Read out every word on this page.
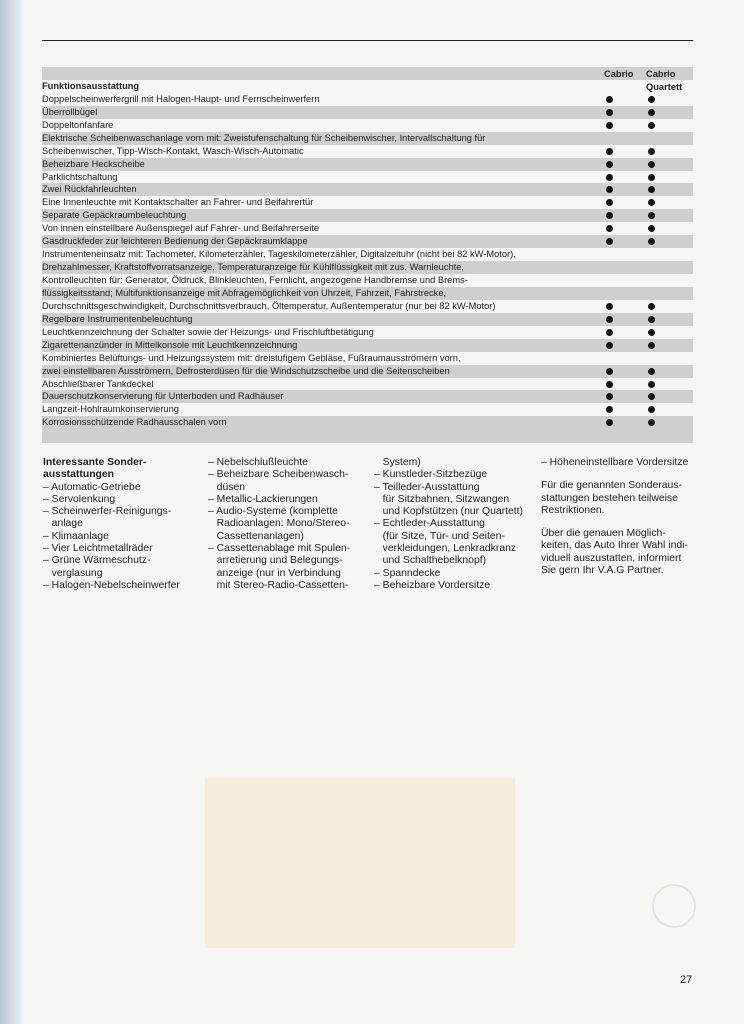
Funktionsausstattung
Cabrio	Cabrio Quartett
Doppelscheinwerfergrill mit Halogen-Haupt- und Fernscheinwerfern
Überrollbügel
Doppeltonfanfare
Elektrische Scheibenwaschanlage vorn mit: Zweistufenschaltung für Scheibenwischer, Intervallschaltung für
Scheibenwischer, Tipp-Wisch-Kontakt, Wasch-Wisch-Automatic
Beheizbare Heckscheibe
Parklichtschaltung
Zwei Rückfahrleuchten
Eine Innenleuchte mit Kontaktschalter an Fahrer- und Beifahrertür
Separate Gepäckraumbeleuchtung
Von innen einstellbare Außenspiegel auf Fahrer- und Beifahrerseite
Gasdruckfeder zur leichteren Bedienung der Gepäckraumklappe
Instrumenteneinsatz mit: Tachometer, Kilometerzähler, Tageskilometerzähler, Digitalzeituhr (nicht bei 82 kW-Motor),
Drehzahlmesser, Kraftstoffvorratsanzeige, Temperaturanzeige für Kühlflüssigkeit mit zus. Warnleuchte,
Kontrolleuchten für: Generator, Öldruck, Blinkleuchten, Fernlicht, angezogene Handbremse und Brems-
flüssigkeitsstand; Multifunktionsanzeige mit Abfragemöglichkeit von Uhrzeit, Fahrzeit, Fahrstrecke,
Durchschnittsgeschwindigkeit, Durchschnittsverbrauch, Öltemperatur, Außentemperatur (nur bei 82 kW-Motor)
Regelbare Instrumentenbeleuchtung
Leuchtkennzeichnung der Schalter sowie der Heizungs- und Frischluftbetätigung
Zigarettenanzünder in Mittelkonsole mit Leuchtkennzeichnung
Kombiniertes Belüftungs- und Heizungssystem mit: dreistufigem Gebläse, Fußraumausströmern vorn,
zwei einstellbaren Ausströmern, Defrosterdüsen für die Windschutzscheibe und die Seitenscheiben
Abschließbarer Tankdeckel
Dauerschutzkonservierung für Unterboden und Radhäuser
Langzeit-Hohlraumkonservierung
Korrosionsschützende Radhausschalen vorn
Interessante Sonder-ausstattungen

– Automatic-Getriebe

– Servolenkung

– Scheinwerfer-Reinigungs-

anlage

– Klimaanlage

– Vier Leichtmetallräder

– Grüne Wärmeschutz-

verglasung

– Halogen-Nebelscheinwerfer

– Nebelschlußleuchte

– Beheizbare Scheibenwasch-

düsen

– Metallic-Lackierungen

– Audio-Systeme (komplette

Radioanlagen: Mono/Stereo-

Cassettenanlagen)

– Cassettenablage mit Spulen-

arretierung und Belegungs-

anzeige (nur in Verbindung

mit Stereo-Radio-Cassetten-

System)

– Kunstleder-Sitzbezüge

– Teilleder-Ausstattung

für Sitzbahnen, Sitzwangen

und Kopfstützen (nur Quartett)

– Echtleder-Ausstattung

(für Sitze, Tür- und Seiten-

verkleidungen, Lenkradkranz

und Schalthebelknopf)

– Spanndecke

– Beheizbare Vordersitze

– Höheneinstellbare Vordersitze

Für die genannten Sonderaus-

stattungen bestehen teilweise

Restriktionen.

Über die genauen Möglich-

keiten, das Auto Ihrer Wahl indi-

viduell auszustatten, informiert

Sie gern Ihr V.A.G Partner.

27
